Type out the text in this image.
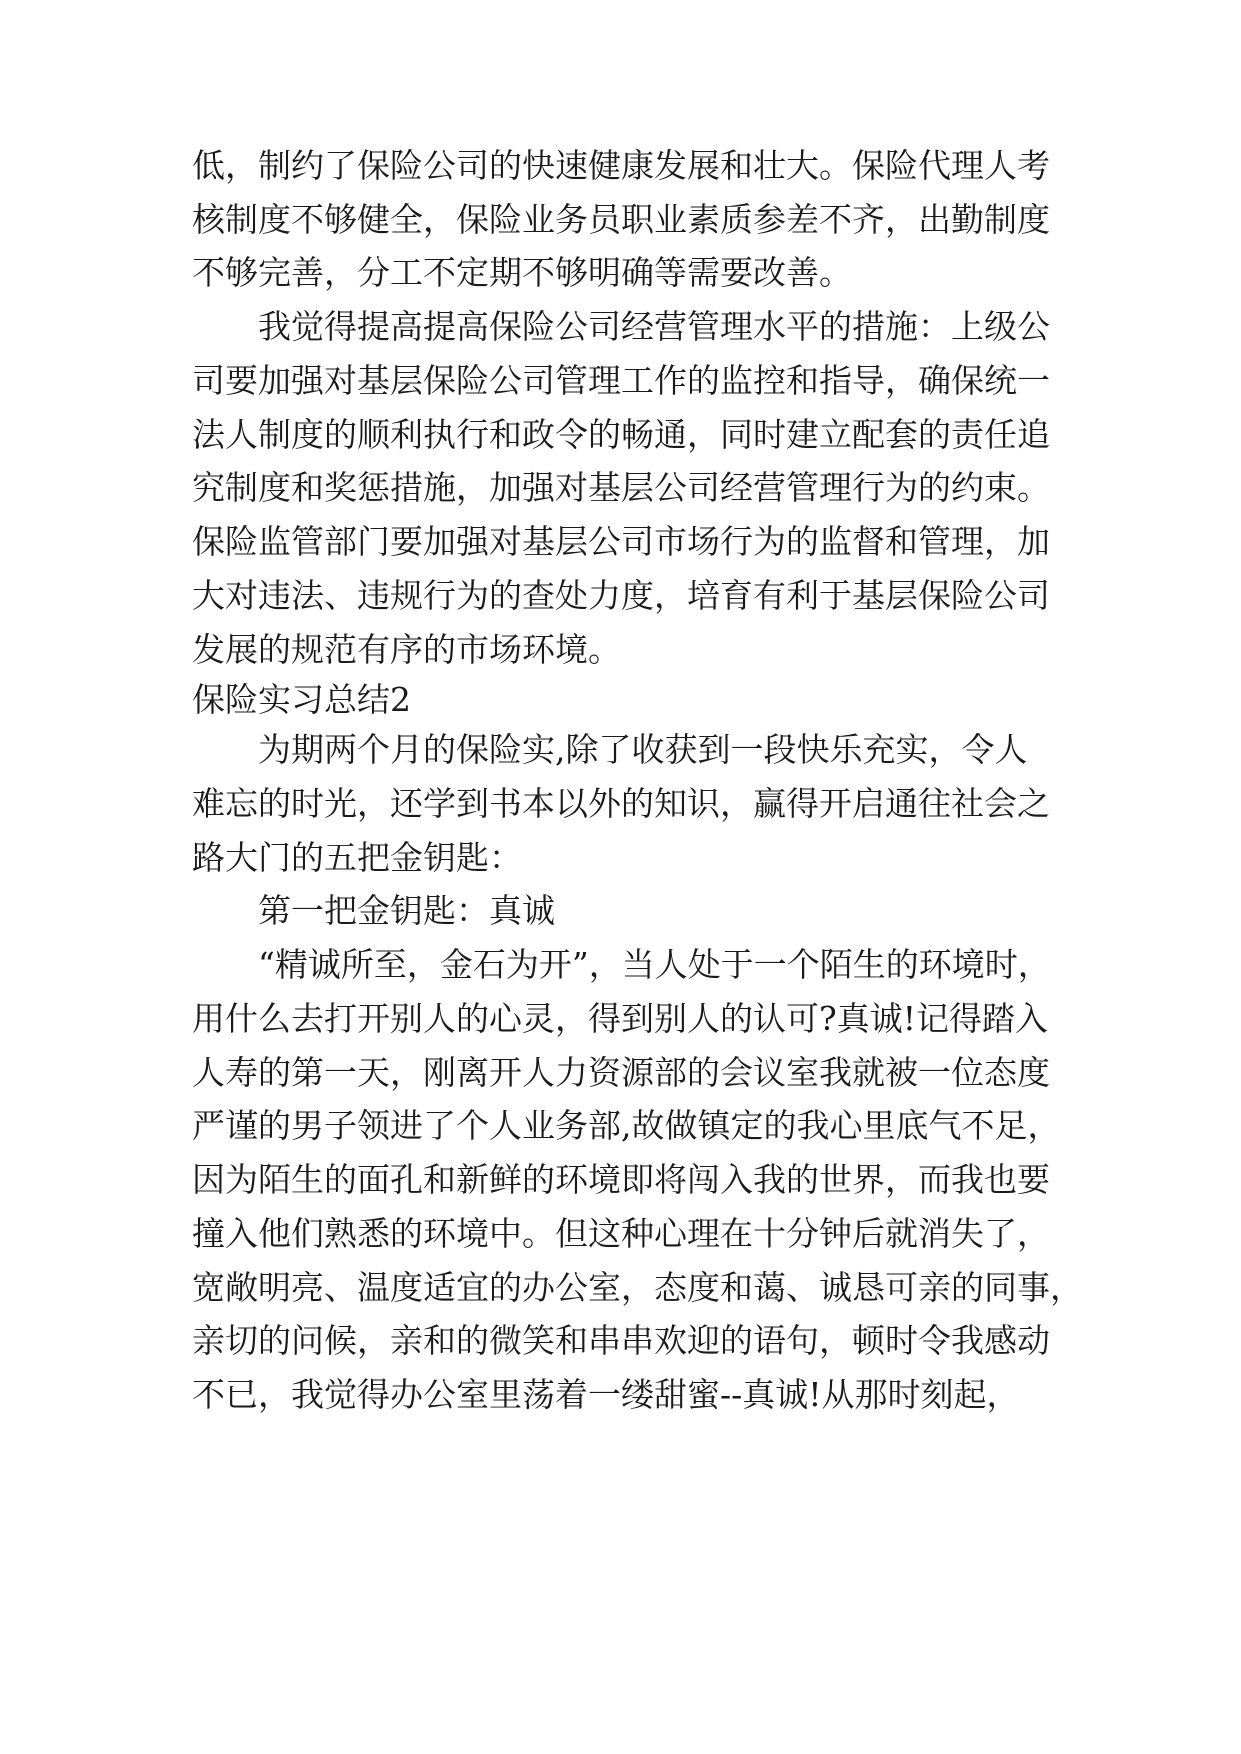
低，制约了保险公司的快速健康发展和壮大。保险代理人考
核制度不够健全，保险业务员职业素质参差不齐，出勤制度
不够完善，分工不定期不够明确等需要改善。
我觉得提高提高保险公司经营管理水平的措施：上级公
司要加强对基层保险公司管理工作的监控和指导，确保统一
法人制度的顺利执行和政令的畅通，同时建立配套的责任追
究制度和奖惩措施，加强对基层公司经营管理行为的约束。
保险监管部门要加强对基层公司市场行为的监督和管理，加
大对违法、违规行为的查处力度，培育有利于基层保险公司
发展的规范有序的市场环境。
保险实习总结2
为期两个月的保险实,除了收获到一段快乐充实，令人
难忘的时光，还学到书本以外的知识，赢得开启通往社会之
路大门的五把金钥匙：
第一把金钥匙：真诚
“精诚所至，金石为开”，当人处于一个陌生的环境时，
用什么去打开别人的心灵，得到别人的认可?真诚!记得踏入
人寿的第一天，刚离开人力资源部的会议室我就被一位态度
严谨的男子领进了个人业务部,故做镇定的我心里底气不足，
因为陌生的面孔和新鲜的环境即将闯入我的世界，而我也要
撞入他们熟悉的环境中。但这种心理在十分钟后就消失了，
宽敞明亮、温度适宜的办公室，态度和蔼、诚恳可亲的同事，
亲切的问候，亲和的微笑和串串欢迎的语句，顿时令我感动
不已，我觉得办公室里荡着一缕甜蜜--真诚!从那时刻起，
